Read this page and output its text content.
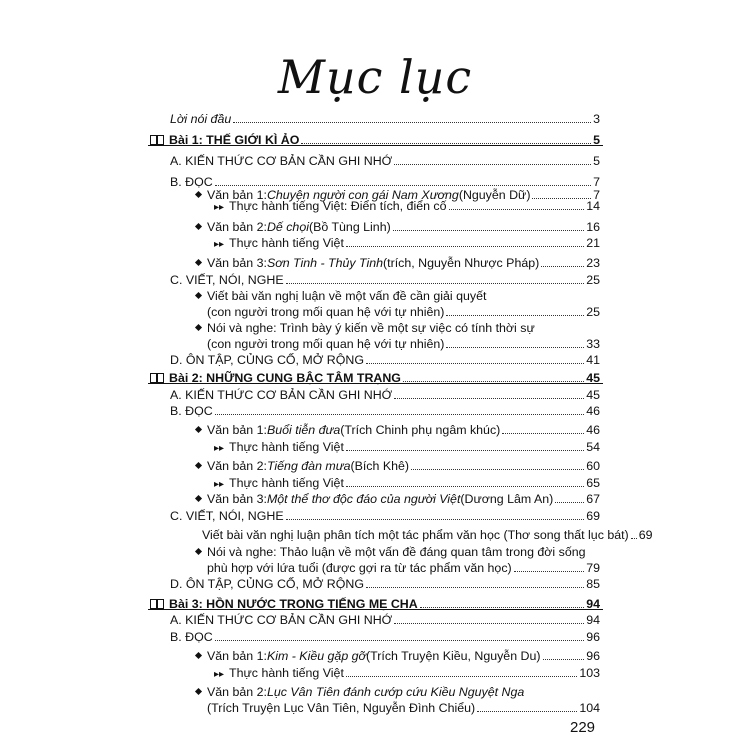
Mục lục
Lời nói đầu	3
Bài 1: THẾ GIỚI KÌ ẢO	5
A. KIẾN THỨC CƠ BẢN CẦN GHI NHỚ	5
B. ĐỌC	7
Văn bản 1: Chuyện người con gái Nam Xương (Nguyễn Dữ)	7
▸▸ Thực hành tiếng Việt: Điển tích, điển cố	14
Văn bản 2: Dế chọi (Bồ Tùng Linh)	16
▸▸ Thực hành tiếng Việt	21
Văn bản 3: Sơn Tinh - Thủy Tinh (trích, Nguyễn Nhược Pháp)	23
C. VIẾT, NÓI, NGHE	25
Viết bài văn nghị luận về một vấn đề cần giải quyết
(con người trong mối quan hệ với tự nhiên)	25
Nói và nghe: Trình bày ý kiến về một sự việc có tính thời sự
(con người trong mối quan hệ với tự nhiên)	33
D. ÔN TẬP, CỦNG CỐ, MỞ RỘNG	41
Bài 2: NHỮNG CUNG BẬC TÂM TRẠNG	45
A. KIẾN THỨC CƠ BẢN CẦN GHI NHỚ	45
B. ĐỌC	46
Văn bản 1: Buổi tiễn đưa (Trích Chinh phụ ngâm khúc)	46
▸▸ Thực hành tiếng Việt	54
Văn bản 2: Tiếng đàn mưa (Bích Khê)	60
▸▸ Thực hành tiếng Việt	65
Văn bản 3: Một thể thơ độc đáo của người Việt (Dương Lâm An)	67
C. VIẾT, NÓI, NGHE	69
Viết bài văn nghị luận phân tích một tác phẩm văn học (Thơ song thất lục bát) 69
Nói và nghe: Thảo luận về một vấn đề đáng quan tâm trong đời sống
phù hợp với lứa tuổi (được gợi ra từ tác phẩm văn học)	79
D. ÔN TẬP, CỦNG CỐ, MỞ RỘNG	85
Bài 3: HỒN NƯỚC TRONG TIẾNG MẸ CHA	94
A. KIẾN THỨC CƠ BẢN CẦN GHI NHỚ	94
B. ĐỌC	96
Văn bản 1: Kim - Kiều gặp gỡ (Trích Truyện Kiều, Nguyễn Du)	96
▸▸ Thực hành tiếng Việt	103
Văn bản 2: Lục Vân Tiên đánh cướp cứu Kiều Nguyệt Nga
(Trích Truyện Lục Vân Tiên, Nguyễn Đình Chiểu)	104
229
